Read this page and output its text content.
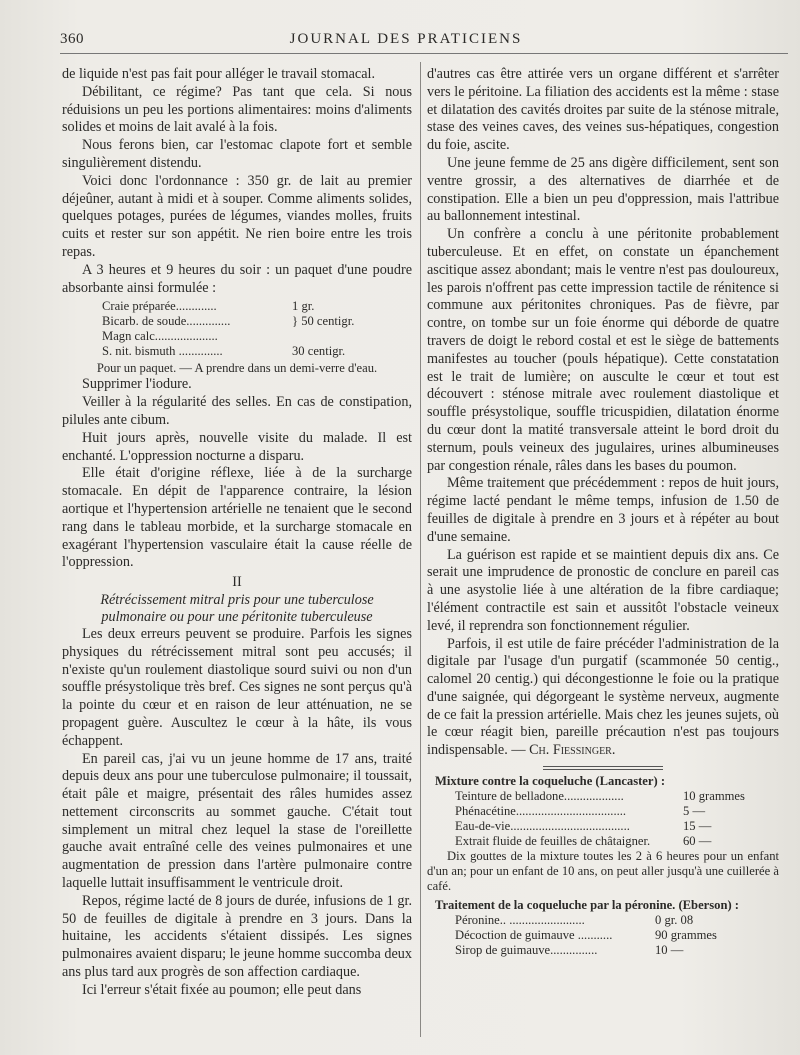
360	JOURNAL DES PRATICIENS

de liquide n'est pas fait pour alléger le travail stomacal.

Débilitant, ce régime? Pas tant que cela. Si nous réduisions un peu les portions alimentaires: moins d'aliments solides et moins de lait avalé à la fois.

Nous ferons bien, car l'estomac clapote fort et semble singulièrement distendu.

Voici donc l'ordonnance : 350 gr. de lait au premier déjeûner, autant à midi et à souper. Comme aliments solides, quelques potages, purées de légumes, viandes molles, fruits cuits et rester sur son appétit. Ne rien boire entre les trois repas.

A 3 heures et 9 heures du soir : un paquet d'une poudre absorbante ainsi formulée :

Craie préparée.............	1 gr.
Bicarb. de soude..............	} 50 centigr.
Magn calc....................
S. nit. bismuth ..............	30 centigr.
Pour un paquet. — A prendre dans un demi-verre d'eau.

Supprimer l'iodure.

Veiller à la régularité des selles. En cas de constipation, pilules ante cibum.

Huit jours après, nouvelle visite du malade. Il est enchanté. L'oppression nocturne a disparu.

Elle était d'origine réflexe, liée à de la surcharge stomacale. En dépit de l'apparence contraire, la lésion aortique et l'hypertension artérielle ne tenaient que le second rang dans le tableau morbide, et la surcharge stomacale en exagérant l'hypertension vasculaire était la cause réelle de l'oppression.

II
Rétrécissement mitral pris pour une tuberculose pulmonaire ou pour une péritonite tuberculeuse

Les deux erreurs peuvent se produire. Parfois les signes physiques du rétrécissement mitral sont peu accusés; il n'existe qu'un roulement diastolique sourd suivi ou non d'un souffle présystolique très bref. Ces signes ne sont perçus qu'à la pointe du cœur et en raison de leur atténuation, ne se propagent guère. Auscultez le cœur à la hâte, ils vous échappent.

En pareil cas, j'ai vu un jeune homme de 17 ans, traité depuis deux ans pour une tuberculose pulmonaire; il toussait, était pâle et maigre, présentait des râles humides assez nettement circonscrits au sommet gauche. C'était tout simplement un mitral chez lequel la stase de l'oreillette gauche avait entraîné celle des veines pulmonaires et une augmentation de pression dans l'artère pulmonaire contre laquelle luttait insuffisamment le ventricule droit.

Repos, régime lacté de 8 jours de durée, infusions de 1 gr. 50 de feuilles de digitale à prendre en 3 jours. Dans la huitaine, les accidents s'étaient dissipés. Les signes pulmonaires avaient disparu; le jeune homme succomba deux ans plus tard aux progrès de son affection cardiaque.

Ici l'erreur s'était fixée au poumon; elle peut dans

d'autres cas être attirée vers un organe différent et s'arrêter vers le péritoine. La filiation des accidents est la même : stase et dilatation des cavités droites par suite de la sténose mitrale, stase des veines caves, des veines sus-hépatiques, congestion du foie, ascite.

Une jeune femme de 25 ans digère difficilement, sent son ventre grossir, a des alternatives de diarrhée et de constipation. Elle a bien un peu d'oppression, mais l'attribue au ballonnement intestinal.

Un confrère a conclu à une péritonite probablement tuberculeuse. Et en effet, on constate un épanchement ascitique assez abondant; mais le ventre n'est pas douloureux, les parois n'offrent pas cette impression tactile de rénitence si commune aux péritonites chroniques. Pas de fièvre, par contre, on tombe sur un foie énorme qui déborde de quatre travers de doigt le rebord costal et est le siège de battements manifestes au toucher (pouls hépatique). Cette constatation est le trait de lumière; on ausculte le cœur et tout est découvert : sténose mitrale avec roulement diastolique et souffle présystolique, souffle tricuspidien, dilatation énorme du cœur dont la matité transversale atteint le bord droit du sternum, pouls veineux des jugulaires, urines albumineuses par congestion rénale, râles dans les bases du poumon.

Même traitement que précédemment : repos de huit jours, régime lacté pendant le même temps, infusion de 1.50 de feuilles de digitale à prendre en 3 jours et à répéter au bout d'une semaine.

La guérison est rapide et se maintient depuis dix ans. Ce serait une imprudence de pronostic de conclure en pareil cas à une asystolie liée à une altération de la fibre cardiaque; l'élément contractile est sain et aussitôt l'obstacle veineux levé, il reprendra son fonctionnement régulier.

Parfois, il est utile de faire précéder l'administration de la digitale par l'usage d'un purgatif (scammonée 50 centig., calomel 20 centig.) qui décongestionne le foie ou la pratique d'une saignée, qui dégorgeant le système nerveux, augmente de ce fait la pression artérielle. Mais chez les jeunes sujets, où le cœur réagit bien, pareille précaution n'est pas toujours indispensable. — Ch. Fiessinger.

Mixture contre la coqueluche (Lancaster) :
Teinture de belladone...................	10 grammes
Phénacétine...................................	5 —
Eau-de-vie......................................	15 —
Extrait fluide de feuilles de châtaigner.	60 —

Dix gouttes de la mixture toutes les 2 à 6 heures pour un enfant d'un an; pour un enfant de 10 ans, on peut aller jusqu'à une cuillerée à café.

Traitement de la coqueluche par la péronine. (Eberson) :
Péronine.. ........................	0 gr. 08
Décoction de guimauve ...........	90 grammes
Sirop de guimauve...............	10 —
